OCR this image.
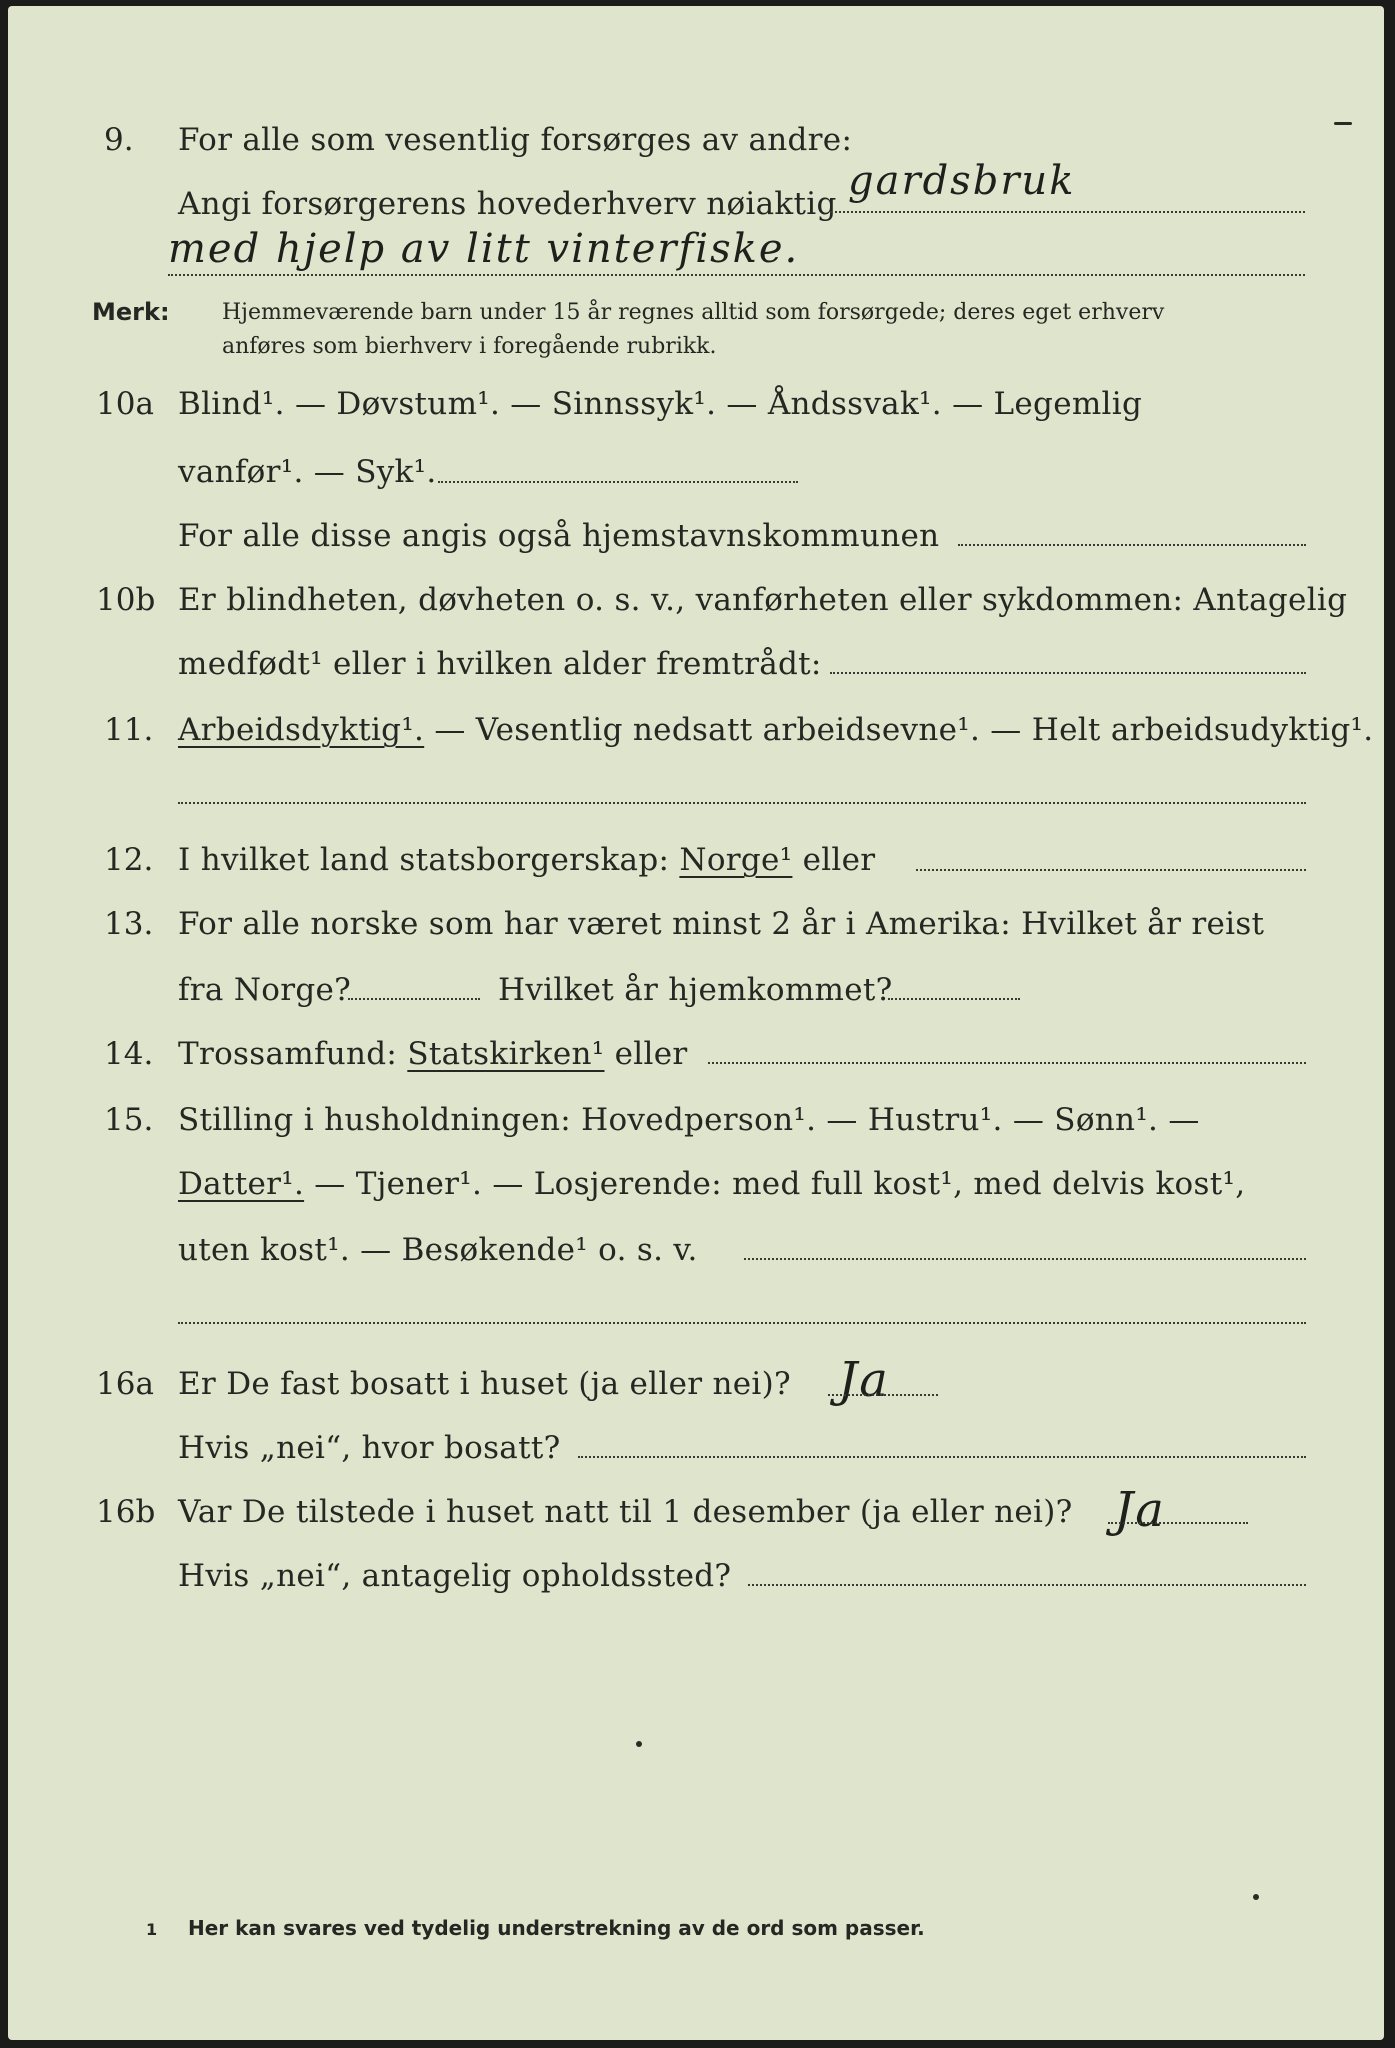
9. For alle som vesentlig forsørges av andre:
Angi forsørgerens hovederhverv nøiaktig gardsbruk
med hjelp av litt vinterfiske.
Merk: Hjemmeværende barn under 15 år regnes alltid som forsørgede; deres eget erhverv
anføres som bierhverv i foregående rubrikk.
10a Blind¹. — Døvstum¹. — Sinnssyk¹. — Åndssvak¹. — Legemlig
vanfør¹. — Syk¹.
For alle disse angis også hjemstavnskommunen
10b Er blindheten, døvheten o. s. v., vanførheten eller sykdommen: Antagelig
medfødt¹ eller i hvilken alder fremtrådt:
11. Arbeidsdyktig¹. — Vesentlig nedsatt arbeidsevne¹. — Helt arbeidsudyktig¹.
12. I hvilket land statsborgerskap: Norge¹ eller
13. For alle norske som har været minst 2 år i Amerika: Hvilket år reist
fra Norge?	Hvilket år hjemkommet?
14. Trossamfund: Statskirken¹ eller
15. Stilling i husholdningen: Hovedperson¹. — Hustru¹. — Sønn¹. —
Datter¹. — Tjener¹. — Losjerende: med full kost¹, med delvis kost¹,
uten kost¹. — Besøkende¹ o. s. v.
16a Er De fast bosatt i huset (ja eller nei)? Ja
Hvis „nei“, hvor bosatt?
16b Var De tilstede i huset natt til 1 desember (ja eller nei)? Ja
Hvis „nei“, antagelig opholdssted?
1 Her kan svares ved tydelig understrekning av de ord som passer.
